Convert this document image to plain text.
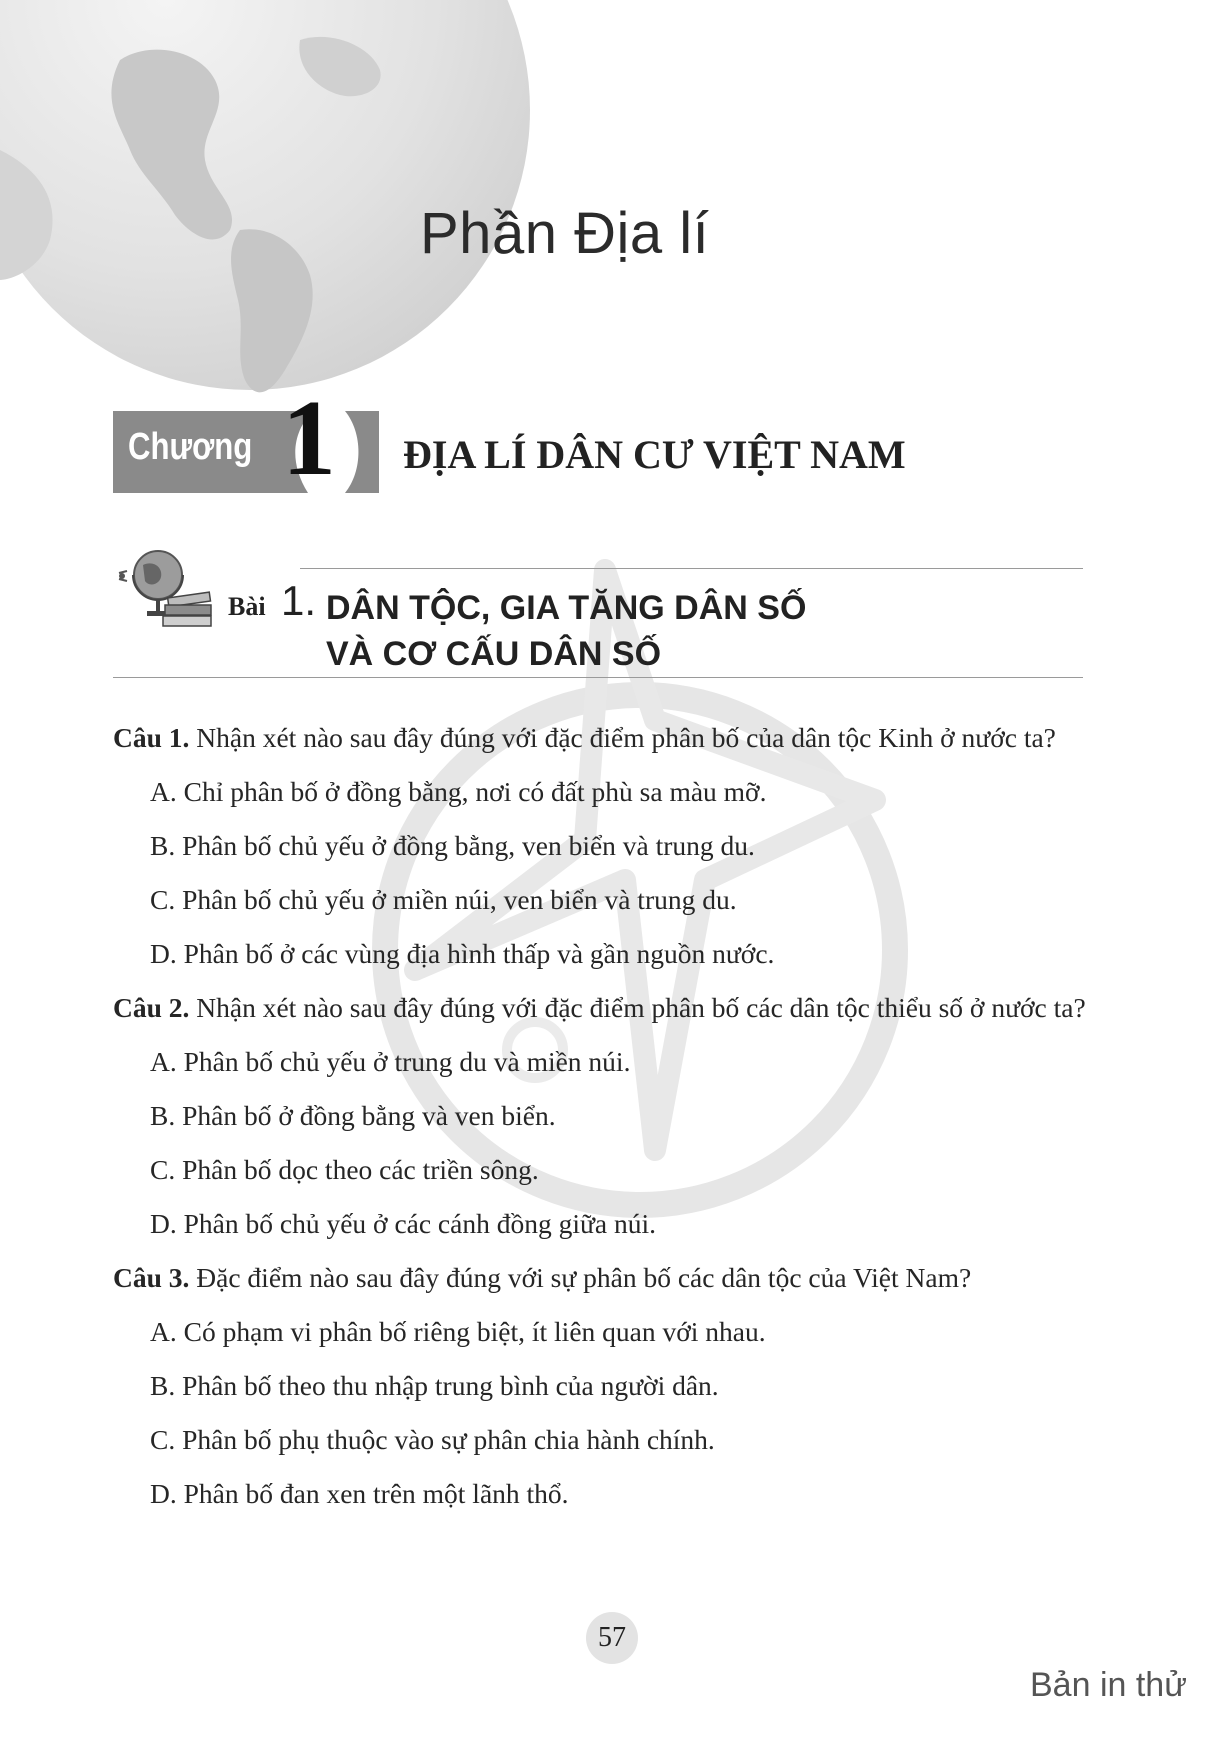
Phần Địa lí
Chương 1 ĐỊA LÍ DÂN CƯ VIỆT NAM
Bài 1. DÂN TỘC, GIA TĂNG DÂN SỐ
VÀ CƠ CẤU DÂN SỐ

Câu 1. Nhận xét nào sau đây đúng với đặc điểm phân bố của dân tộc Kinh ở nước ta?

A. Chỉ phân bố ở đồng bằng, nơi có đất phù sa màu mỡ.

B. Phân bố chủ yếu ở đồng bằng, ven biển và trung du.

C. Phân bố chủ yếu ở miền núi, ven biển và trung du.

D. Phân bố ở các vùng địa hình thấp và gần nguồn nước.

Câu 2. Nhận xét nào sau đây đúng với đặc điểm phân bố các dân tộc thiểu số ở nước ta?

A. Phân bố chủ yếu ở trung du và miền núi.

B. Phân bố ở đồng bằng và ven biển.

C. Phân bố dọc theo các triền sông.

D. Phân bố chủ yếu ở các cánh đồng giữa núi.

Câu 3. Đặc điểm nào sau đây đúng với sự phân bố các dân tộc của Việt Nam?

A. Có phạm vi phân bố riêng biệt, ít liên quan với nhau.

B. Phân bố theo thu nhập trung bình của người dân.

C. Phân bố phụ thuộc vào sự phân chia hành chính.

D. Phân bố đan xen trên một lãnh thổ.

57
Bản in thử
